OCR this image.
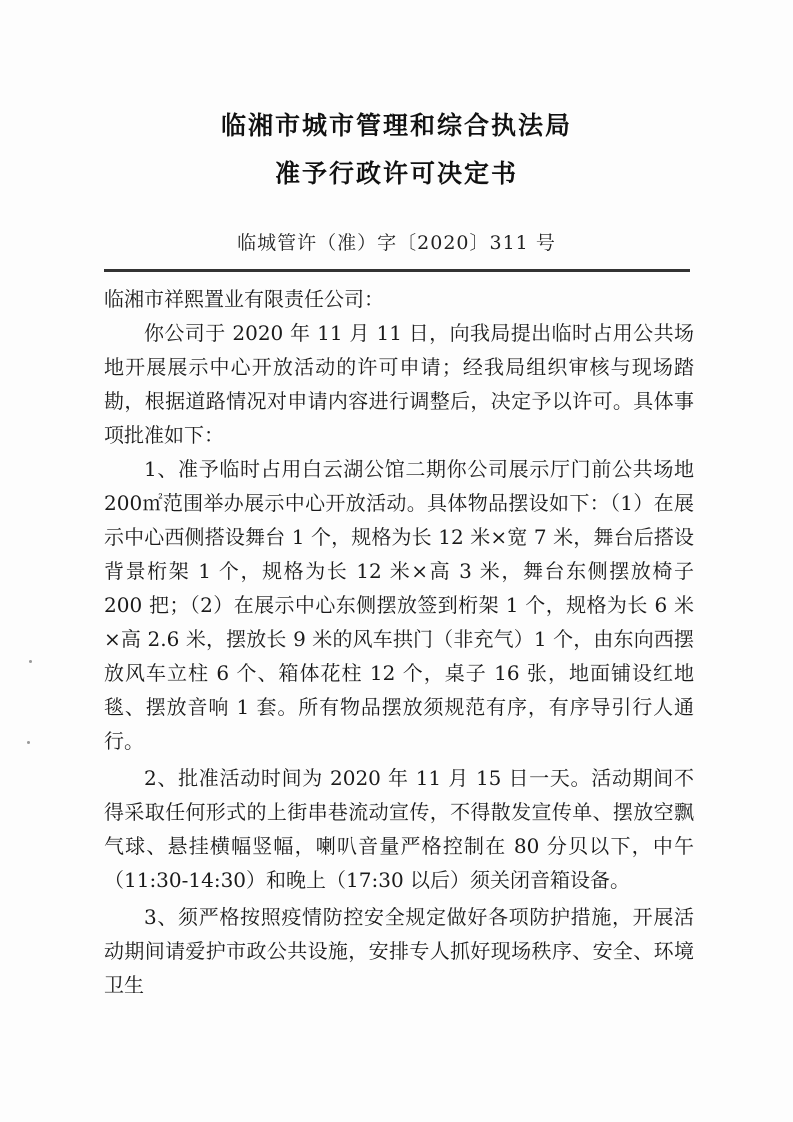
临湘市城市管理和综合执法局
准予行政许可决定书
临城管许（准）字〔2020〕311 号

临湘市祥熙置业有限责任公司：

你公司于 2020 年 11 月 11 日，向我局提出临时占用公共场地开展展示中心开放活动的许可申请；经我局组织审核与现场踏勘，根据道路情况对申请内容进行调整后，决定予以许可。具体事项批准如下：

1、准予临时占用白云湖公馆二期你公司展示厅门前公共场地 200㎡范围举办展示中心开放活动。具体物品摆设如下：（1）在展示中心西侧搭设舞台 1 个，规格为长 12 米×宽 7 米，舞台后搭设背景桁架 1 个，规格为长 12 米×高 3 米，舞台东侧摆放椅子 200 把；（2）在展示中心东侧摆放签到桁架 1 个，规格为长 6 米×高 2.6 米，摆放长 9 米的风车拱门（非充气）1 个，由东向西摆放风车立柱 6 个、箱体花柱 12 个，桌子 16 张，地面铺设红地毯、摆放音响 1 套。所有物品摆放须规范有序，有序导引行人通行。

2、批准活动时间为 2020 年 11 月 15 日一天。活动期间不得采取任何形式的上街串巷流动宣传，不得散发宣传单、摆放空飘气球、悬挂横幅竖幅，喇叭音量严格控制在 80 分贝以下，中午（11:30-14:30）和晚上（17:30 以后）须关闭音箱设备。

3、须严格按照疫情防控安全规定做好各项防护措施，开展活动期间请爱护市政公共设施，安排专人抓好现场秩序、安全、环境卫生
